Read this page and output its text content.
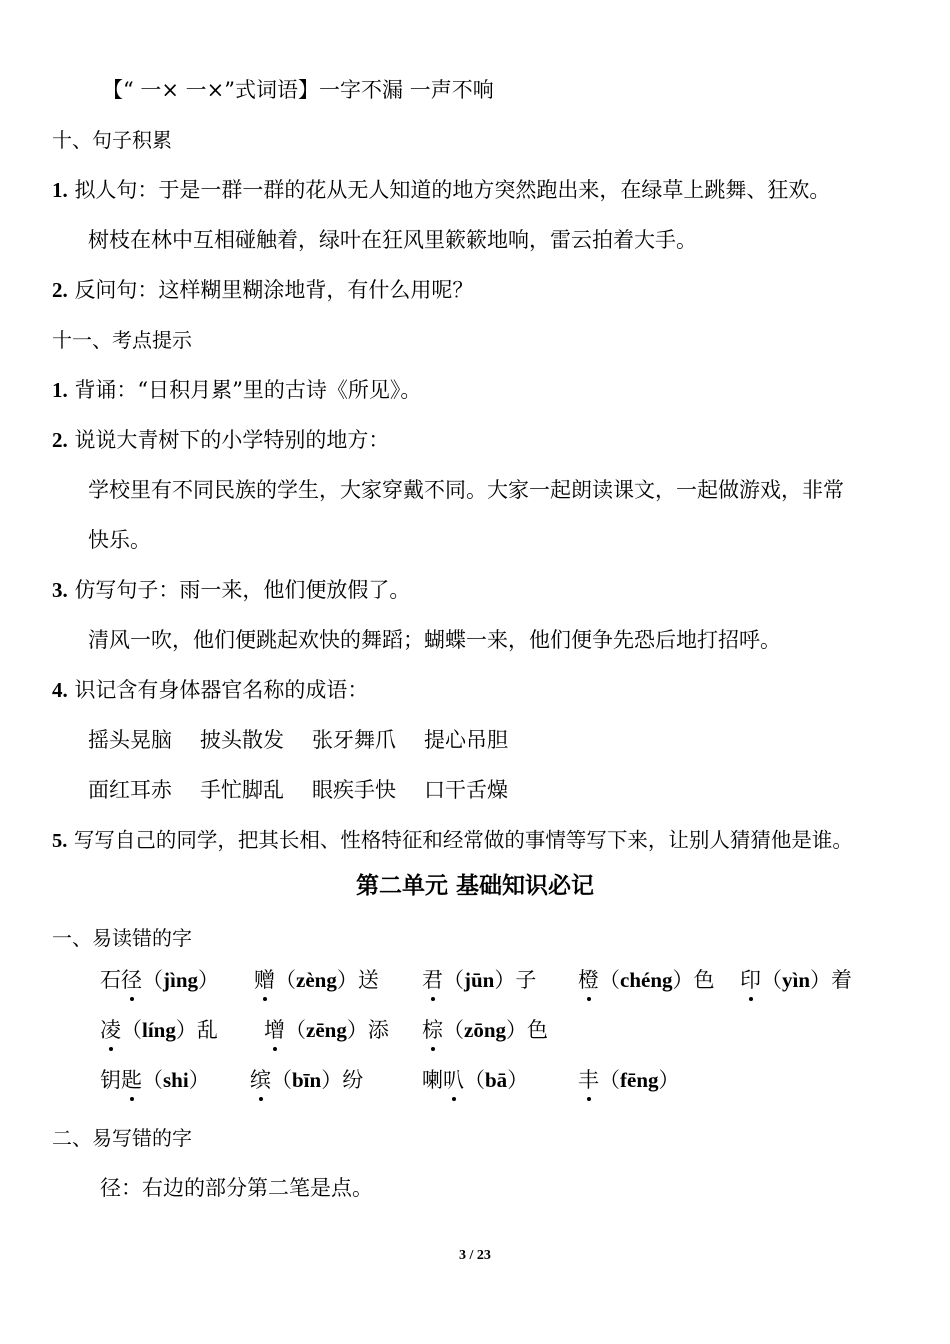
【“ 一× 一×”式词语】一字不漏 一声不响
十、句子积累
1. 拟人句：于是一群一群的花从无人知道的地方突然跑出来，在绿草上跳舞、狂欢。
树枝在林中互相碰触着，绿叶在狂风里簌簌地响，雷云拍着大手。
2. 反问句：这样糊里糊涂地背，有什么用呢？
十一、考点提示
1. 背诵：“日积月累”里的古诗《所见》。
2. 说说大青树下的小学特别的地方：
学校里有不同民族的学生，大家穿戴不同。大家一起朗读课文，一起做游戏，非常
快乐。
3. 仿写句子：雨一来，他们便放假了。
清风一吹，他们便跳起欢快的舞蹈；蝴蝶一来，他们便争先恐后地打招呼。
4. 识记含有身体器官名称的成语：
摇头晃脑 披头散发 张牙舞爪 提心吊胆
面红耳赤 手忙脚乱 眼疾手快 口干舌燥
5. 写写自己的同学，把其长相、性格特征和经常做的事情等写下来，让别人猜猜他是谁。
第二单元 基础知识必记
一、易读错的字
石径（jìng） 赠（zèng）送 君（jūn）子 橙（chéng）色 印（yìn）着
凌（líng）乱 增（zēng）添 棕（zōng）色
钥匙（shi） 缤（bīn）纷	喇叭（bā） 丰（fēng）
二、易写错的字
径：右边的部分第二笔是点。
3 / 23
